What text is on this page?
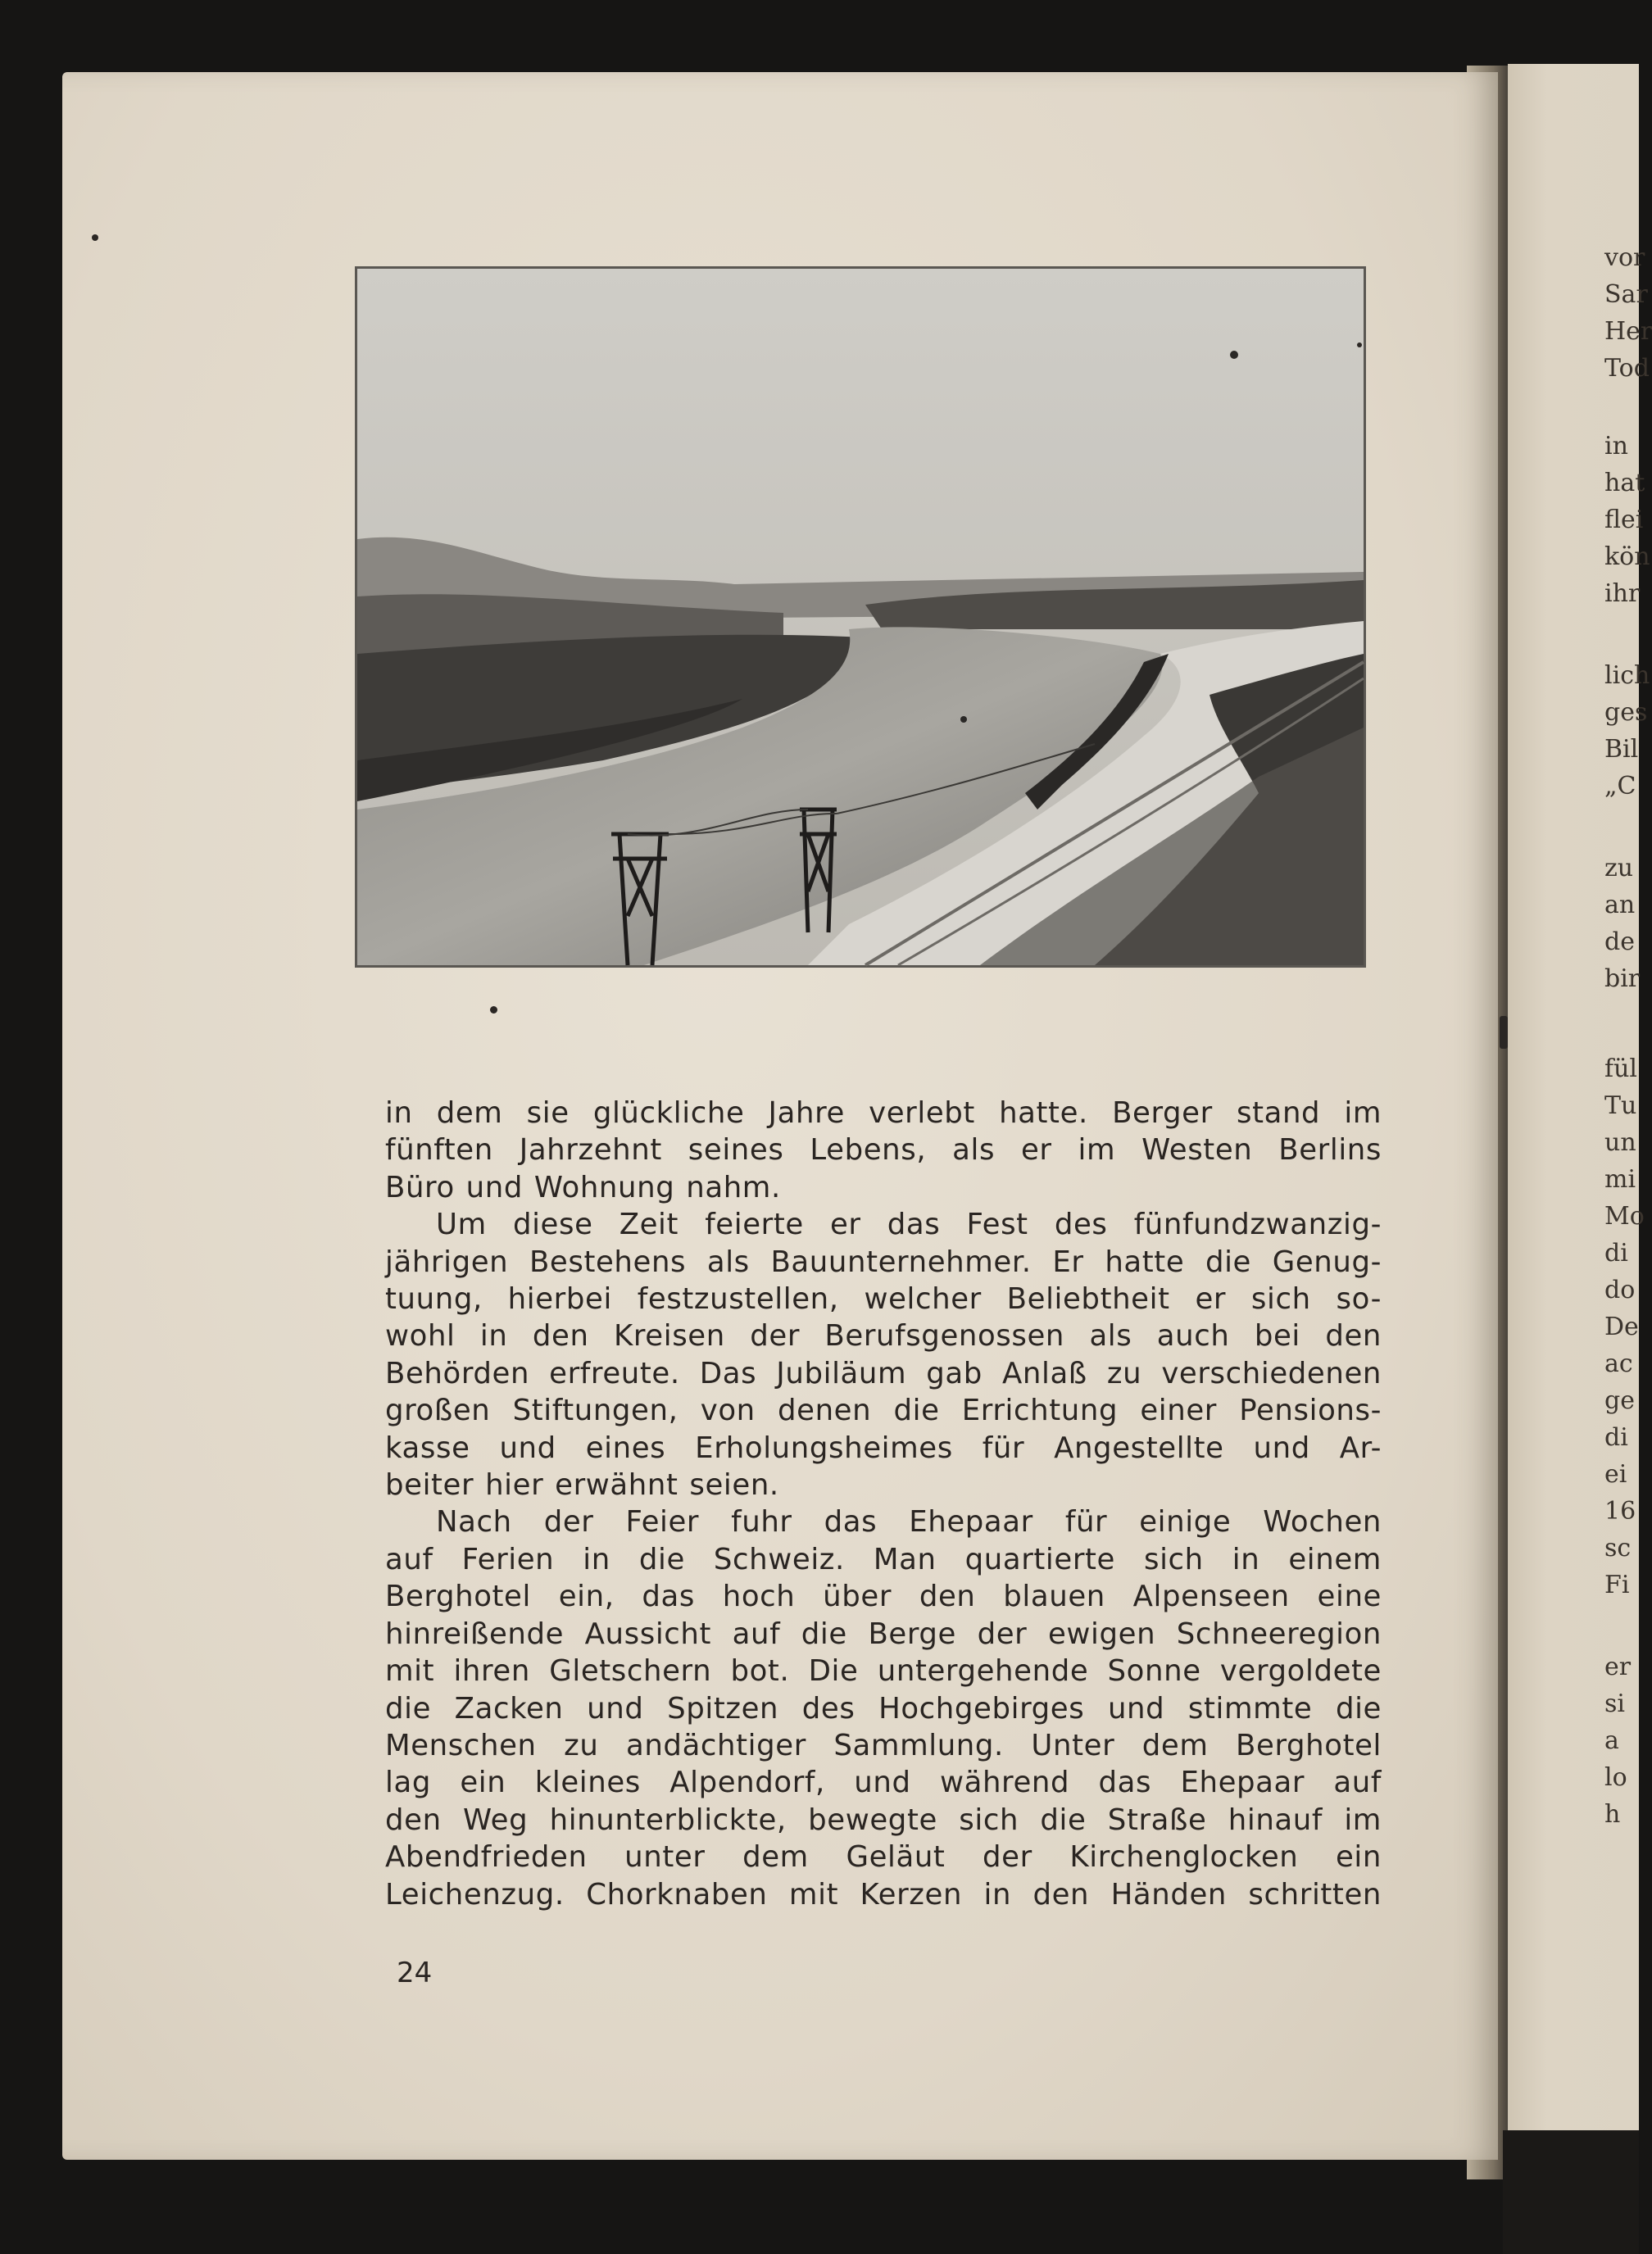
in dem sie glückliche Jahre verlebt hatte. Berger stand im
fünften Jahrzehnt seines Lebens, als er im Westen Berlins
Büro und Wohnung nahm.
Um diese Zeit feierte er das Fest des fünfundzwanzig-
jährigen Bestehens als Bauunternehmer. Er hatte die Genug-
tuung, hierbei festzustellen, welcher Beliebtheit er sich so-
wohl in den Kreisen der Berufsgenossen als auch bei den
Behörden erfreute. Das Jubiläum gab Anlaß zu verschiedenen
großen Stiftungen, von denen die Errichtung einer Pensions-
kasse und eines Erholungsheimes für Angestellte und Ar-
beiter hier erwähnt seien.
Nach der Feier fuhr das Ehepaar für einige Wochen
auf Ferien in die Schweiz. Man quartierte sich in einem
Berghotel ein, das hoch über den blauen Alpenseen eine
hinreißende Aussicht auf die Berge der ewigen Schneeregion
mit ihren Gletschern bot. Die untergehende Sonne vergoldete
die Zacken und Spitzen des Hochgebirges und stimmte die
Menschen zu andächtiger Sammlung. Unter dem Berghotel
lag ein kleines Alpendorf, und während das Ehepaar auf
den Weg hinunterblickte, bewegte sich die Straße hinauf im
Abendfrieden unter dem Geläut der Kirchenglocken ein
Leichenzug. Chorknaben mit Kerzen in den Händen schritten
24
vor
Sar
Her
Tod
in
hat
flei
kön
ihr
lich
ges
Bil
„C
zu
an
de
bir
fül
Tu
un
mi
Mo
di
do
De
ac
ge
di
ei
16
sc
Fi
er
si
a
lo
h
